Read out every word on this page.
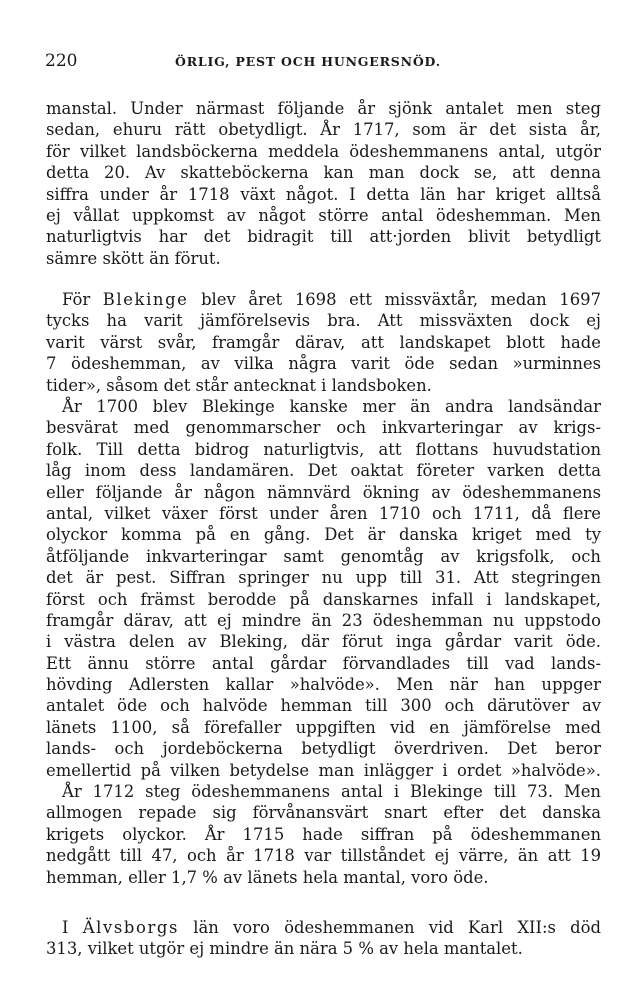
220	ÖRLIG, PEST OCH HUNGERSNÖD.
manstal. Under närmast följande år sjönk antalet men steg
sedan, ehuru rätt obetydligt. År 1717, som är det sista år,
för vilket landsböckerna meddela ödeshemmanens antal, utgör
detta 20. Av skatteböckerna kan man dock se, att denna
siffra under år 1718 växt något. I detta län har kriget alltså
ej vållat uppkomst av något större antal ödeshemman. Men
naturligtvis har det bidragit till att·jorden blivit betydligt
sämre skött än förut.
För Blekinge blev året 1698 ett missväxtår, medan 1697
tycks ha varit jämförelsevis bra. Att missväxten dock ej
varit värst svår, framgår därav, att landskapet blott hade
7 ödeshemman, av vilka några varit öde sedan »urminnes
tider», såsom det står antecknat i landsboken.
År 1700 blev Blekinge kanske mer än andra landsändar
besvärat med genommarscher och inkvarteringar av krigs-
folk. Till detta bidrog naturligtvis, att flottans huvudstation
låg inom dess landamären. Det oaktat företer varken detta
eller följande år någon nämnvärd ökning av ödeshemmanens
antal, vilket växer först under åren 1710 och 1711, då flere
olyckor komma på en gång. Det är danska kriget med ty
åtföljande inkvarteringar samt genomtåg av krigsfolk, och
det är pest. Siffran springer nu upp till 31. Att stegringen
först och främst berodde på danskarnes infall i landskapet,
framgår därav, att ej mindre än 23 ödeshemman nu uppstodo
i västra delen av Bleking, där förut inga gårdar varit öde.
Ett ännu större antal gårdar förvandlades till vad lands-
hövding Adlersten kallar »halvöde». Men när han uppger
antalet öde och halvöde hemman till 300 och därutöver av
länets 1100, så förefaller uppgiften vid en jämförelse med
lands- och jordeböckerna betydligt överdriven. Det beror
emellertid på vilken betydelse man inlägger i ordet »halvöde».
År 1712 steg ödeshemmanens antal i Blekinge till 73. Men
allmogen repade sig förvånansvärt snart efter det danska
krigets olyckor. År 1715 hade siffran på ödeshemmanen
nedgått till 47, och år 1718 var tillståndet ej värre, än att 19
hemman, eller 1,7 % av länets hela mantal, voro öde.
I Älvsborgs län voro ödeshemmanen vid Karl XII:s död
313, vilket utgör ej mindre än nära 5 % av hela mantalet.
